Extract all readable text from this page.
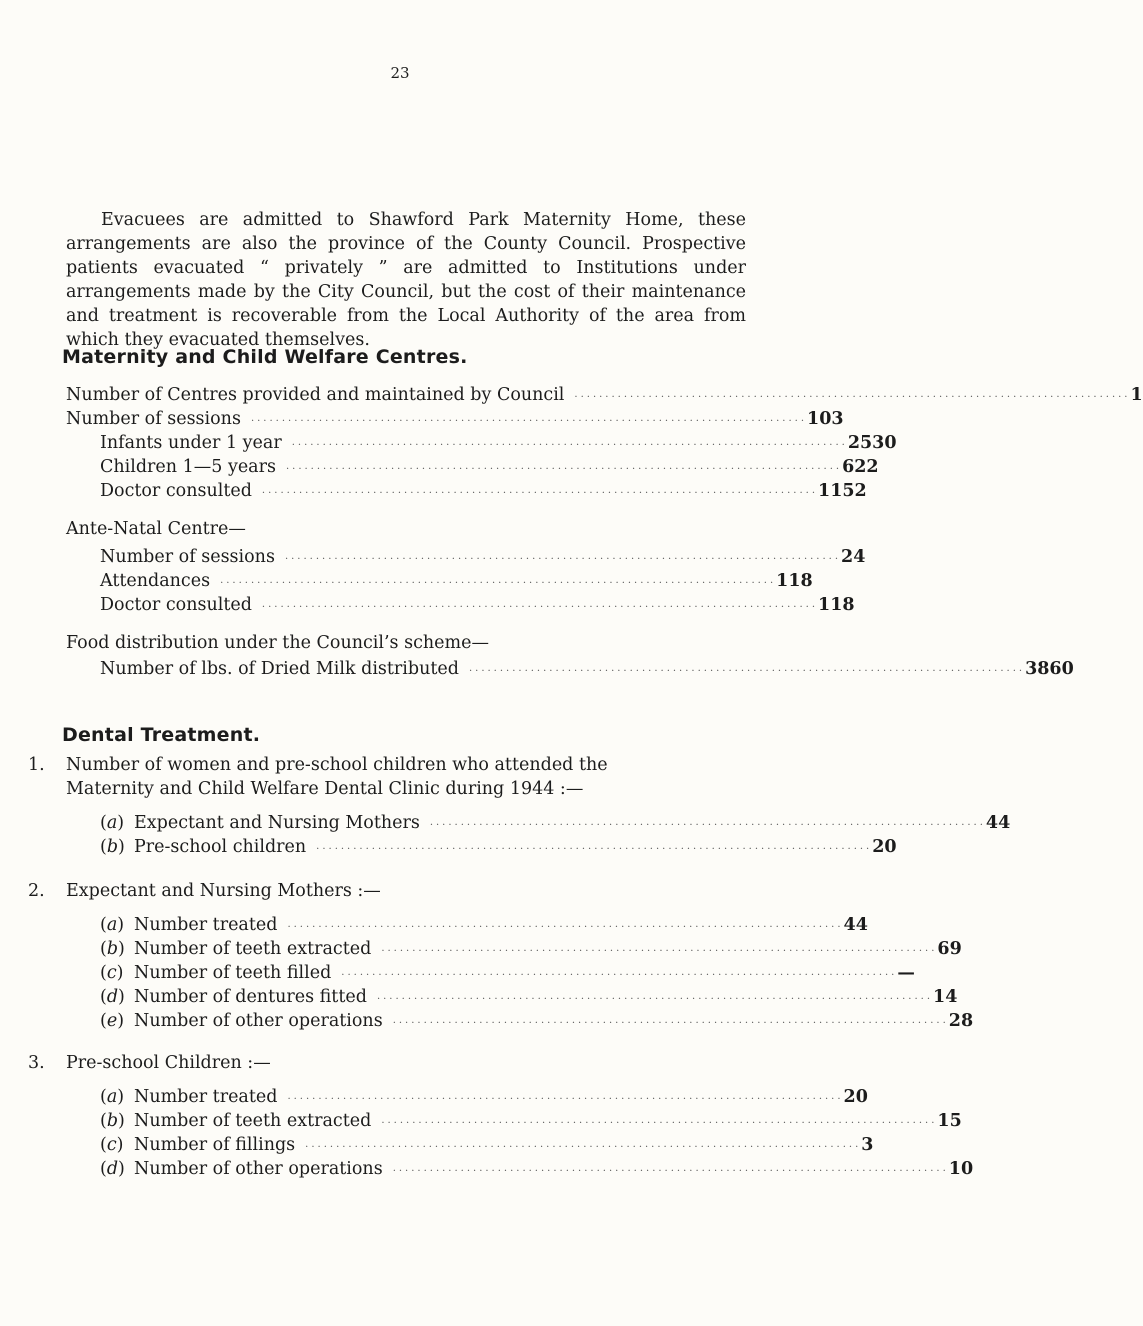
23

Evacuees are admitted to Shawford Park Maternity Home, these arrangements are also the province of the County Council. Prospective patients evacuated “ privately ” are admitted to Institutions under arrangements made by the City Council, but the cost of their maintenance and treatment is recoverable from the Local Authority of the area from which they evacuated themselves.

Maternity and Child Welfare Centres.
Number of Centres provided and maintained by Council	.......................................................................................... 1
Number of sessions	.......................................................................................... 103
Infants under 1 year	.......................................................................................... 2530
Children 1—5 years	.......................................................................................... 622
Doctor consulted	.......................................................................................... 1152
Ante-Natal Centre—
Number of sessions	.......................................................................................... 24
Attendances	.......................................................................................... 118
Doctor consulted	.......................................................................................... 118
Food distribution under the Council’s scheme—
Number of lbs. of Dried Milk distributed	.......................................................................................... 3860
Dental Treatment.
1. Number of women and pre-school children who attended the
Maternity and Child Welfare Dental Clinic during 1944 :—
(a) Expectant and Nursing Mothers	.......................................................................................... 44
(b) Pre-school children	.......................................................................................... 20
2. Expectant and Nursing Mothers :—
(a) Number treated	.......................................................................................... 44
(b) Number of teeth extracted	.......................................................................................... 69
(c) Number of teeth filled	.......................................................................................... —
(d) Number of dentures fitted	.......................................................................................... 14
(e) Number of other operations	.......................................................................................... 28
3. Pre-school Children :—
(a) Number treated	.......................................................................................... 20
(b) Number of teeth extracted	.......................................................................................... 15
(c) Number of fillings	.......................................................................................... 3
(d) Number of other operations	.......................................................................................... 10
